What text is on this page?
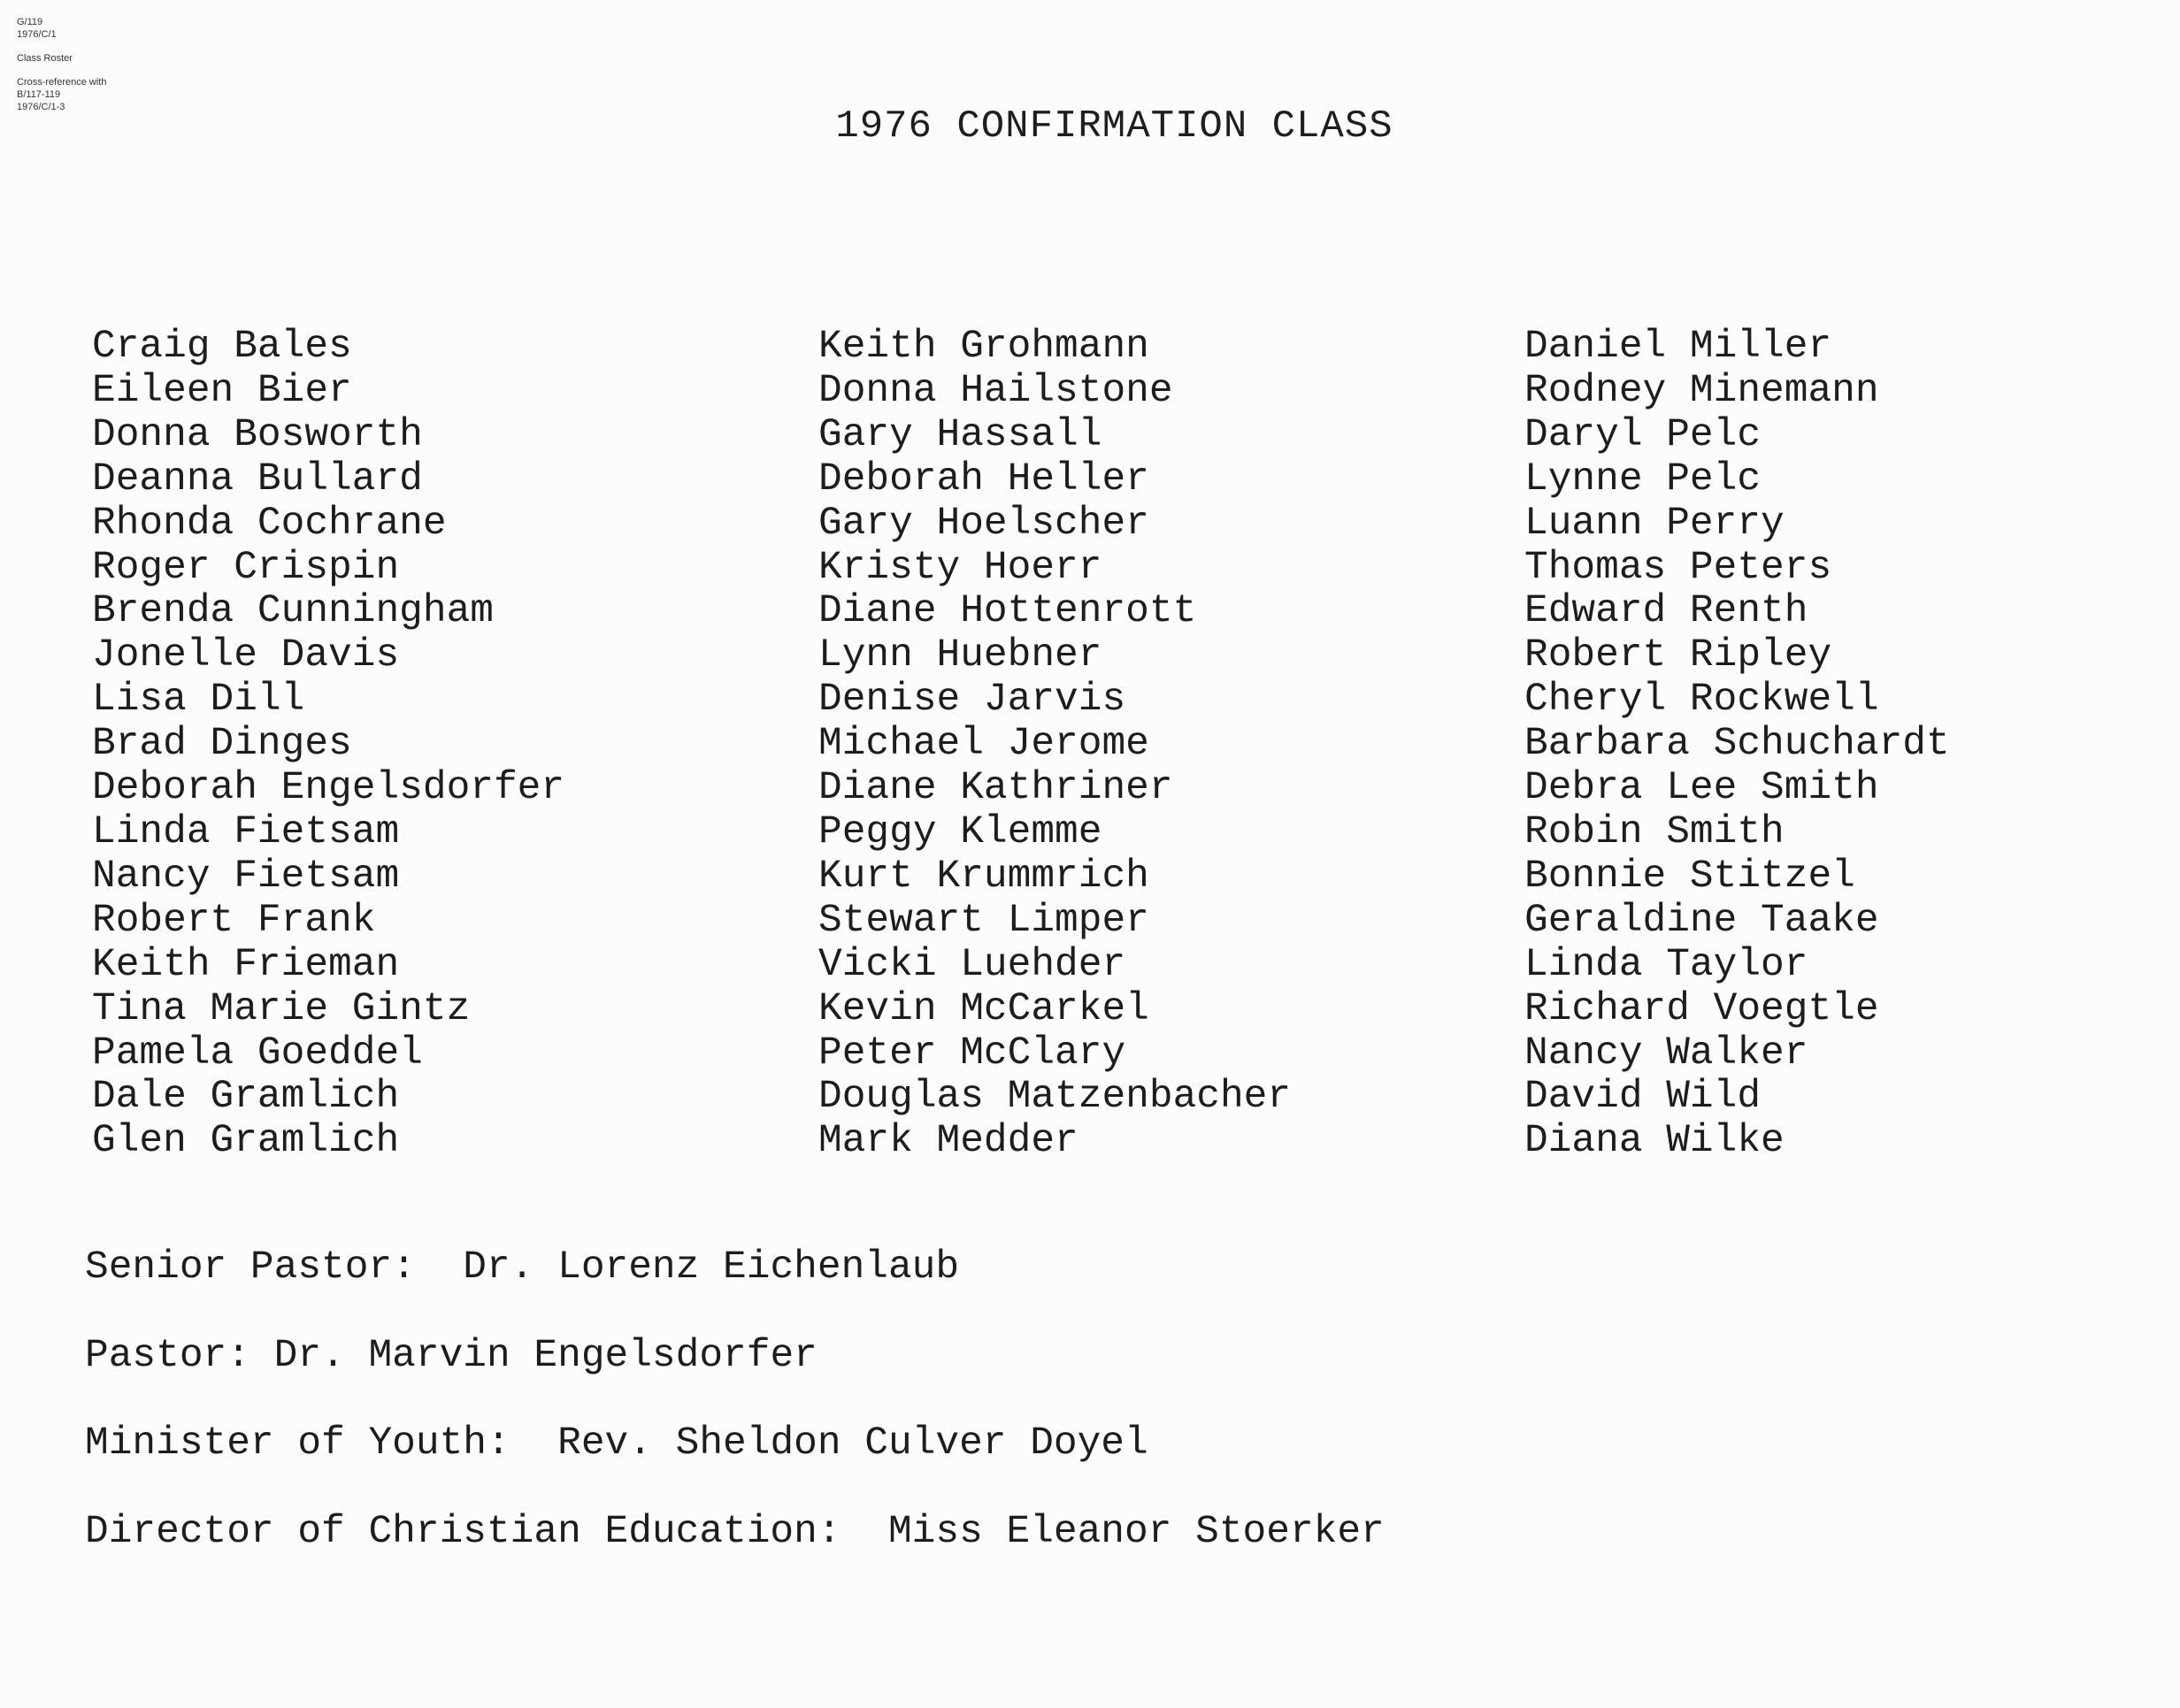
G/119
1976/C/1
Class Roster
Cross-reference with
B/117-119
1976/C/1-3	1976 CONFIRMATION CLASS
Craig Bales
Eileen Bier
Donna Bosworth
Deanna Bullard
Rhonda Cochrane
Roger Crispin
Brenda Cunningham
Jonelle Davis
Lisa Dill
Brad Dinges
Deborah Engelsdorfer
Linda Fietsam
Nancy Fietsam
Robert Frank
Keith Frieman
Tina Marie Gintz
Pamela Goeddel
Dale Gramlich
Glen Gramlich
Keith Grohmann
Donna Hailstone
Gary Hassall
Deborah Heller
Gary Hoelscher
Kristy Hoerr
Diane Hottenrott
Lynn Huebner
Denise Jarvis
Michael Jerome
Diane Kathriner
Peggy Klemme
Kurt Krummrich
Stewart Limper
Vicki Luehder
Kevin McCarkel
Peter McClary
Douglas Matzenbacher
Mark Medder
Daniel Miller
Rodney Minemann
Daryl Pelc
Lynne Pelc
Luann Perry
Thomas Peters
Edward Renth
Robert Ripley
Cheryl Rockwell
Barbara Schuchardt
Debra Lee Smith
Robin Smith
Bonnie Stitzel
Geraldine Taake
Linda Taylor
Richard Voegtle
Nancy Walker
David Wild
Diana Wilke
Senior Pastor: Dr. Lorenz Eichenlaub
Pastor: Dr. Marvin Engelsdorfer
Minister of Youth: Rev. Sheldon Culver Doyel
Director of Christian Education: Miss Eleanor Stoerker
